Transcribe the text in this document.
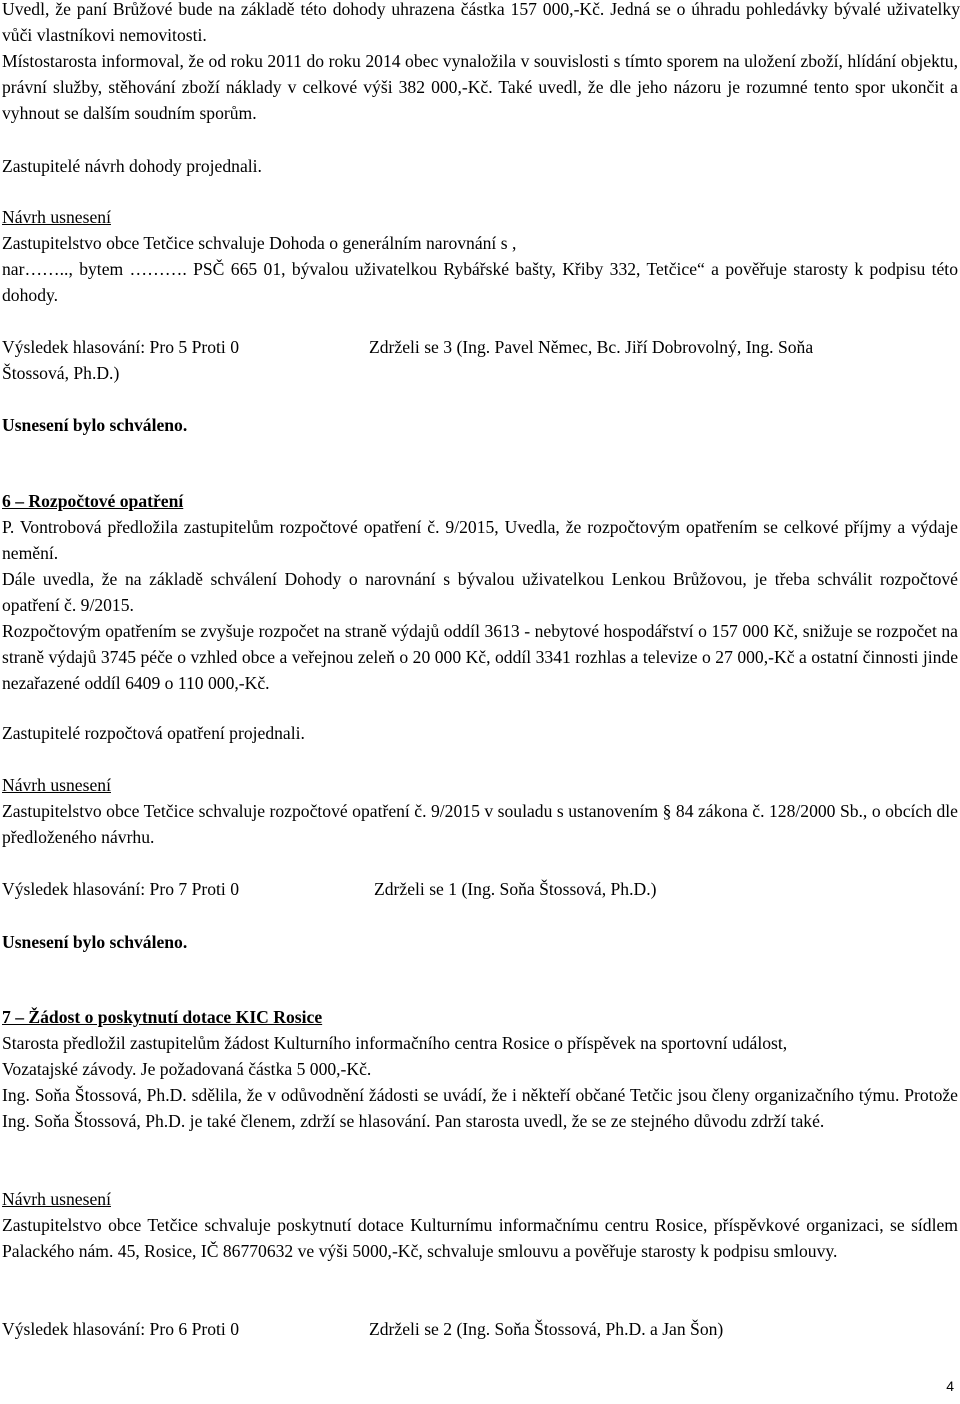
Uvedl, že paní Brůžové bude na základě této dohody uhrazena částka 157 000,-Kč. Jedná se o úhradu pohledávky bývalé uživatelky vůči vlastníkovi nemovitosti.

Místostarosta informoval, že od roku 2011 do roku 2014 obec vynaložila v souvislosti s tímto sporem na uložení zboží, hlídání objektu, právní služby, stěhování zboží náklady v celkové výši 382 000,-Kč. Také uvedl, že dle jeho názoru je rozumné tento spor ukončit a vyhnout se dalším soudním sporům.

Zastupitelé návrh dohody projednali.

Návrh usnesení

Zastupitelstvo obce Tetčice schvaluje Dohoda o generálním narovnání s ,

nar…….., bytem ………. PSČ 665 01, bývalou uživatelkou Rybářské bašty, Křiby 332, Tetčice“ a pověřuje starosty k podpisu této dohody.

Výsledek hlasování: Pro 5 Proti 0	Zdrželi se 3 (Ing. Pavel Němec, Bc. Jiří Dobrovolný, Ing. Soňa

Štossová, Ph.D.)

Usnesení bylo schváleno.

6 – Rozpočtové opatření

P. Vontrobová předložila zastupitelům rozpočtové opatření č. 9/2015, Uvedla, že rozpočtovým opatřením se celkové příjmy a výdaje nemění.

Dále uvedla, že na základě schválení Dohody o narovnání s bývalou uživatelkou Lenkou Brůžovou, je třeba schválit rozpočtové opatření č. 9/2015.

Rozpočtovým opatřením se zvyšuje rozpočet na straně výdajů oddíl 3613 - nebytové hospodářství o 157 000 Kč, snižuje se rozpočet na straně výdajů 3745 péče o vzhled obce a veřejnou zeleň o 20 000 Kč, oddíl 3341 rozhlas a televize o 27 000,-Kč a ostatní činnosti jinde nezařazené oddíl 6409 o 110 000,-Kč.

Zastupitelé rozpočtová opatření projednali.

Návrh usnesení

Zastupitelstvo obce Tetčice schvaluje rozpočtové opatření č. 9/2015 v souladu s ustanovením § 84 zákona č. 128/2000 Sb., o obcích dle předloženého návrhu.

Výsledek hlasování: Pro 7 Proti 0	Zdrželi se 1 (Ing. Soňa Štossová, Ph.D.)

Usnesení bylo schváleno.

7 – Žádost o poskytnutí dotace KIC Rosice

Starosta předložil zastupitelům žádost Kulturního informačního centra Rosice o příspěvek na sportovní událost, Vozatajské závody. Je požadovaná částka 5 000,-Kč.

Ing. Soňa Štossová, Ph.D. sdělila, že v odůvodnění žádosti se uvádí, že i někteří občané Tetčic jsou členy organizačního týmu. Protože Ing. Soňa Štossová, Ph.D. je také členem, zdrží se hlasování. Pan starosta uvedl, že se ze stejného důvodu zdrží také.

Návrh usnesení

Zastupitelstvo obce Tetčice schvaluje poskytnutí dotace Kulturnímu informačnímu centru Rosice, příspěvkové organizaci, se sídlem Palackého nám. 45, Rosice, IČ 86770632 ve výši 5000,-Kč, schvaluje smlouvu a pověřuje starosty k podpisu smlouvy.

Výsledek hlasování: Pro 6 Proti 0	Zdrželi se 2 (Ing. Soňa Štossová, Ph.D. a Jan Šon)
4
